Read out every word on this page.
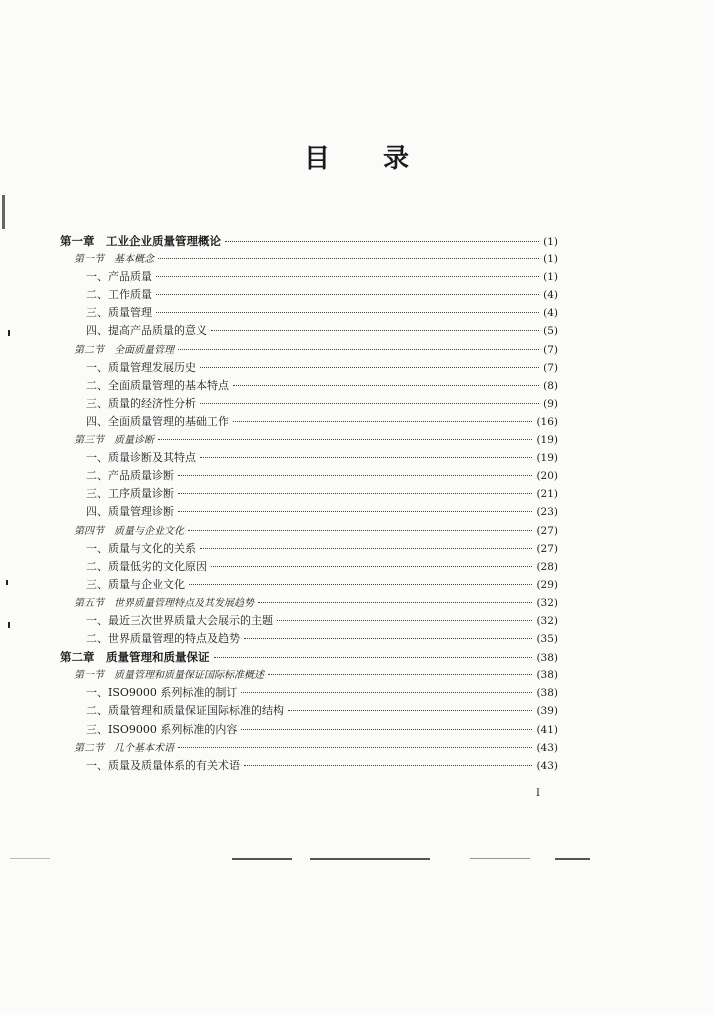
目 录
第一章　工业企业质量管理概论	(1)
第一节　基本概念	(1)
一、产品质量	(1)
二、工作质量	(4)
三、质量管理	(4)
四、提高产品质量的意义	(5)
第二节　全面质量管理	(7)
一、质量管理发展历史	(7)
二、全面质量管理的基本特点	(8)
三、质量的经济性分析	(9)
四、全面质量管理的基础工作	(16)
第三节　质量诊断	(19)
一、质量诊断及其特点	(19)
二、产品质量诊断	(20)
三、工序质量诊断	(21)
四、质量管理诊断	(23)
第四节　质量与企业文化	(27)
一、质量与文化的关系	(27)
二、质量低劣的文化原因	(28)
三、质量与企业文化	(29)
第五节　世界质量管理特点及其发展趋势	(32)
一、最近三次世界质量大会展示的主题	(32)
二、世界质量管理的特点及趋势	(35)
第二章　质量管理和质量保证	(38)
第一节　质量管理和质量保证国际标准概述	(38)
一、ISO9000 系列标准的制订	(38)
二、质量管理和质量保证国际标准的结构	(39)
三、ISO9000 系列标准的内容	(41)
第二节　几个基本术语	(43)
一、质量及质量体系的有关术语	(43)
I
